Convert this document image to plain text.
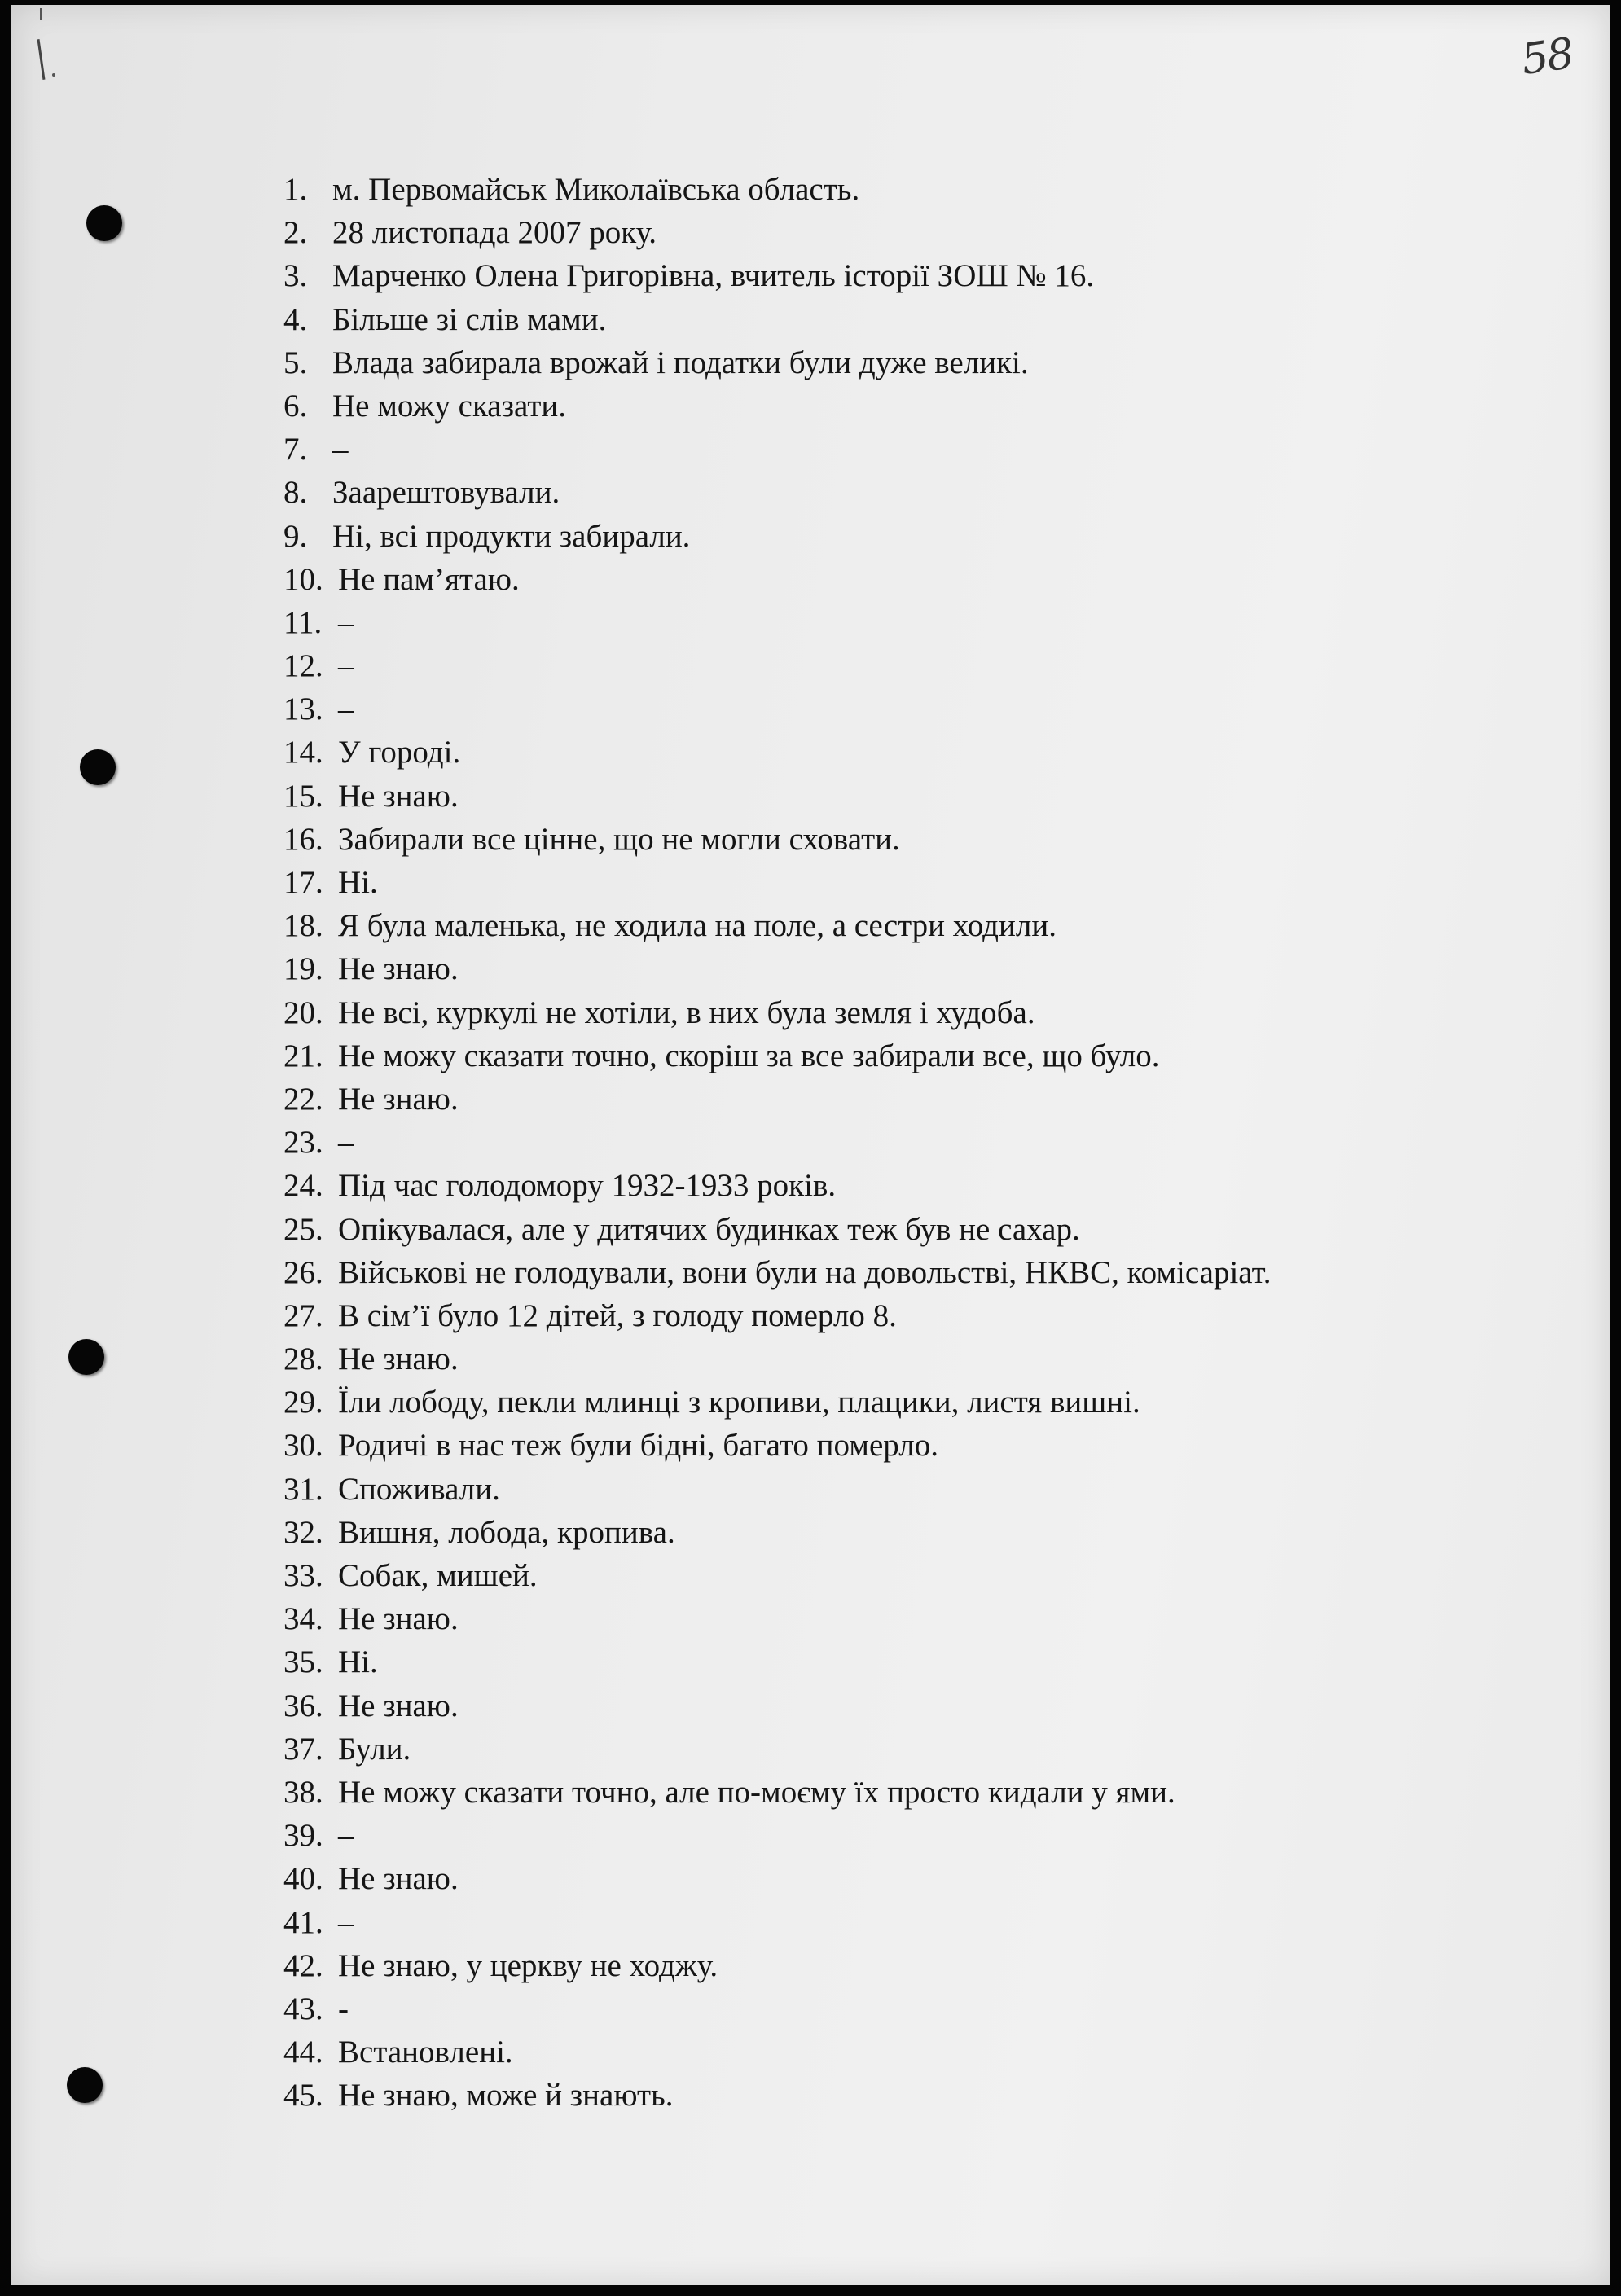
58
1. м. Первомайськ Миколаївська область.
2. 28 листопада 2007 року.
3. Марченко Олена Григорівна, вчитель історії ЗОШ № 16.
4. Більше зі слів мами.
5. Влада забирала врожай і податки були дуже великі.
6. Не можу сказати.
7. –
8. Заарештовували.
9. Ні, всі продукти забирали.
10. Не пам’ятаю.
11. –
12. –
13. –
14. У городі.
15. Не знаю.
16. Забирали все цінне, що не могли сховати.
17. Ні.
18. Я була маленька, не ходила на поле, а сестри ходили.
19. Не знаю.
20. Не всі, куркулі не хотіли, в них була земля і худоба.
21. Не можу сказати точно, скоріш за все забирали все, що було.
22. Не знаю.
23. –
24. Під час голодомору 1932-1933 років.
25. Опікувалася, але у дитячих будинках теж був не сахар.
26. Військові не голодували, вони були на довольстві, НКВС, комісаріат.
27. В сім’ї було 12 дітей, з голоду померло 8.
28. Не знаю.
29. Їли лободу, пекли млинці з кропиви, плацики, листя вишні.
30. Родичі в нас теж були бідні, багато померло.
31. Споживали.
32. Вишня, лобода, кропива.
33. Собак, мишей.
34. Не знаю.
35. Ні.
36. Не знаю.
37. Були.
38. Не можу сказати точно, але по-моєму їх просто кидали у ями.
39. –
40. Не знаю.
41. –
42. Не знаю, у церкву не ходжу.
43. -
44. Встановлені.
45. Не знаю, може й знають.
